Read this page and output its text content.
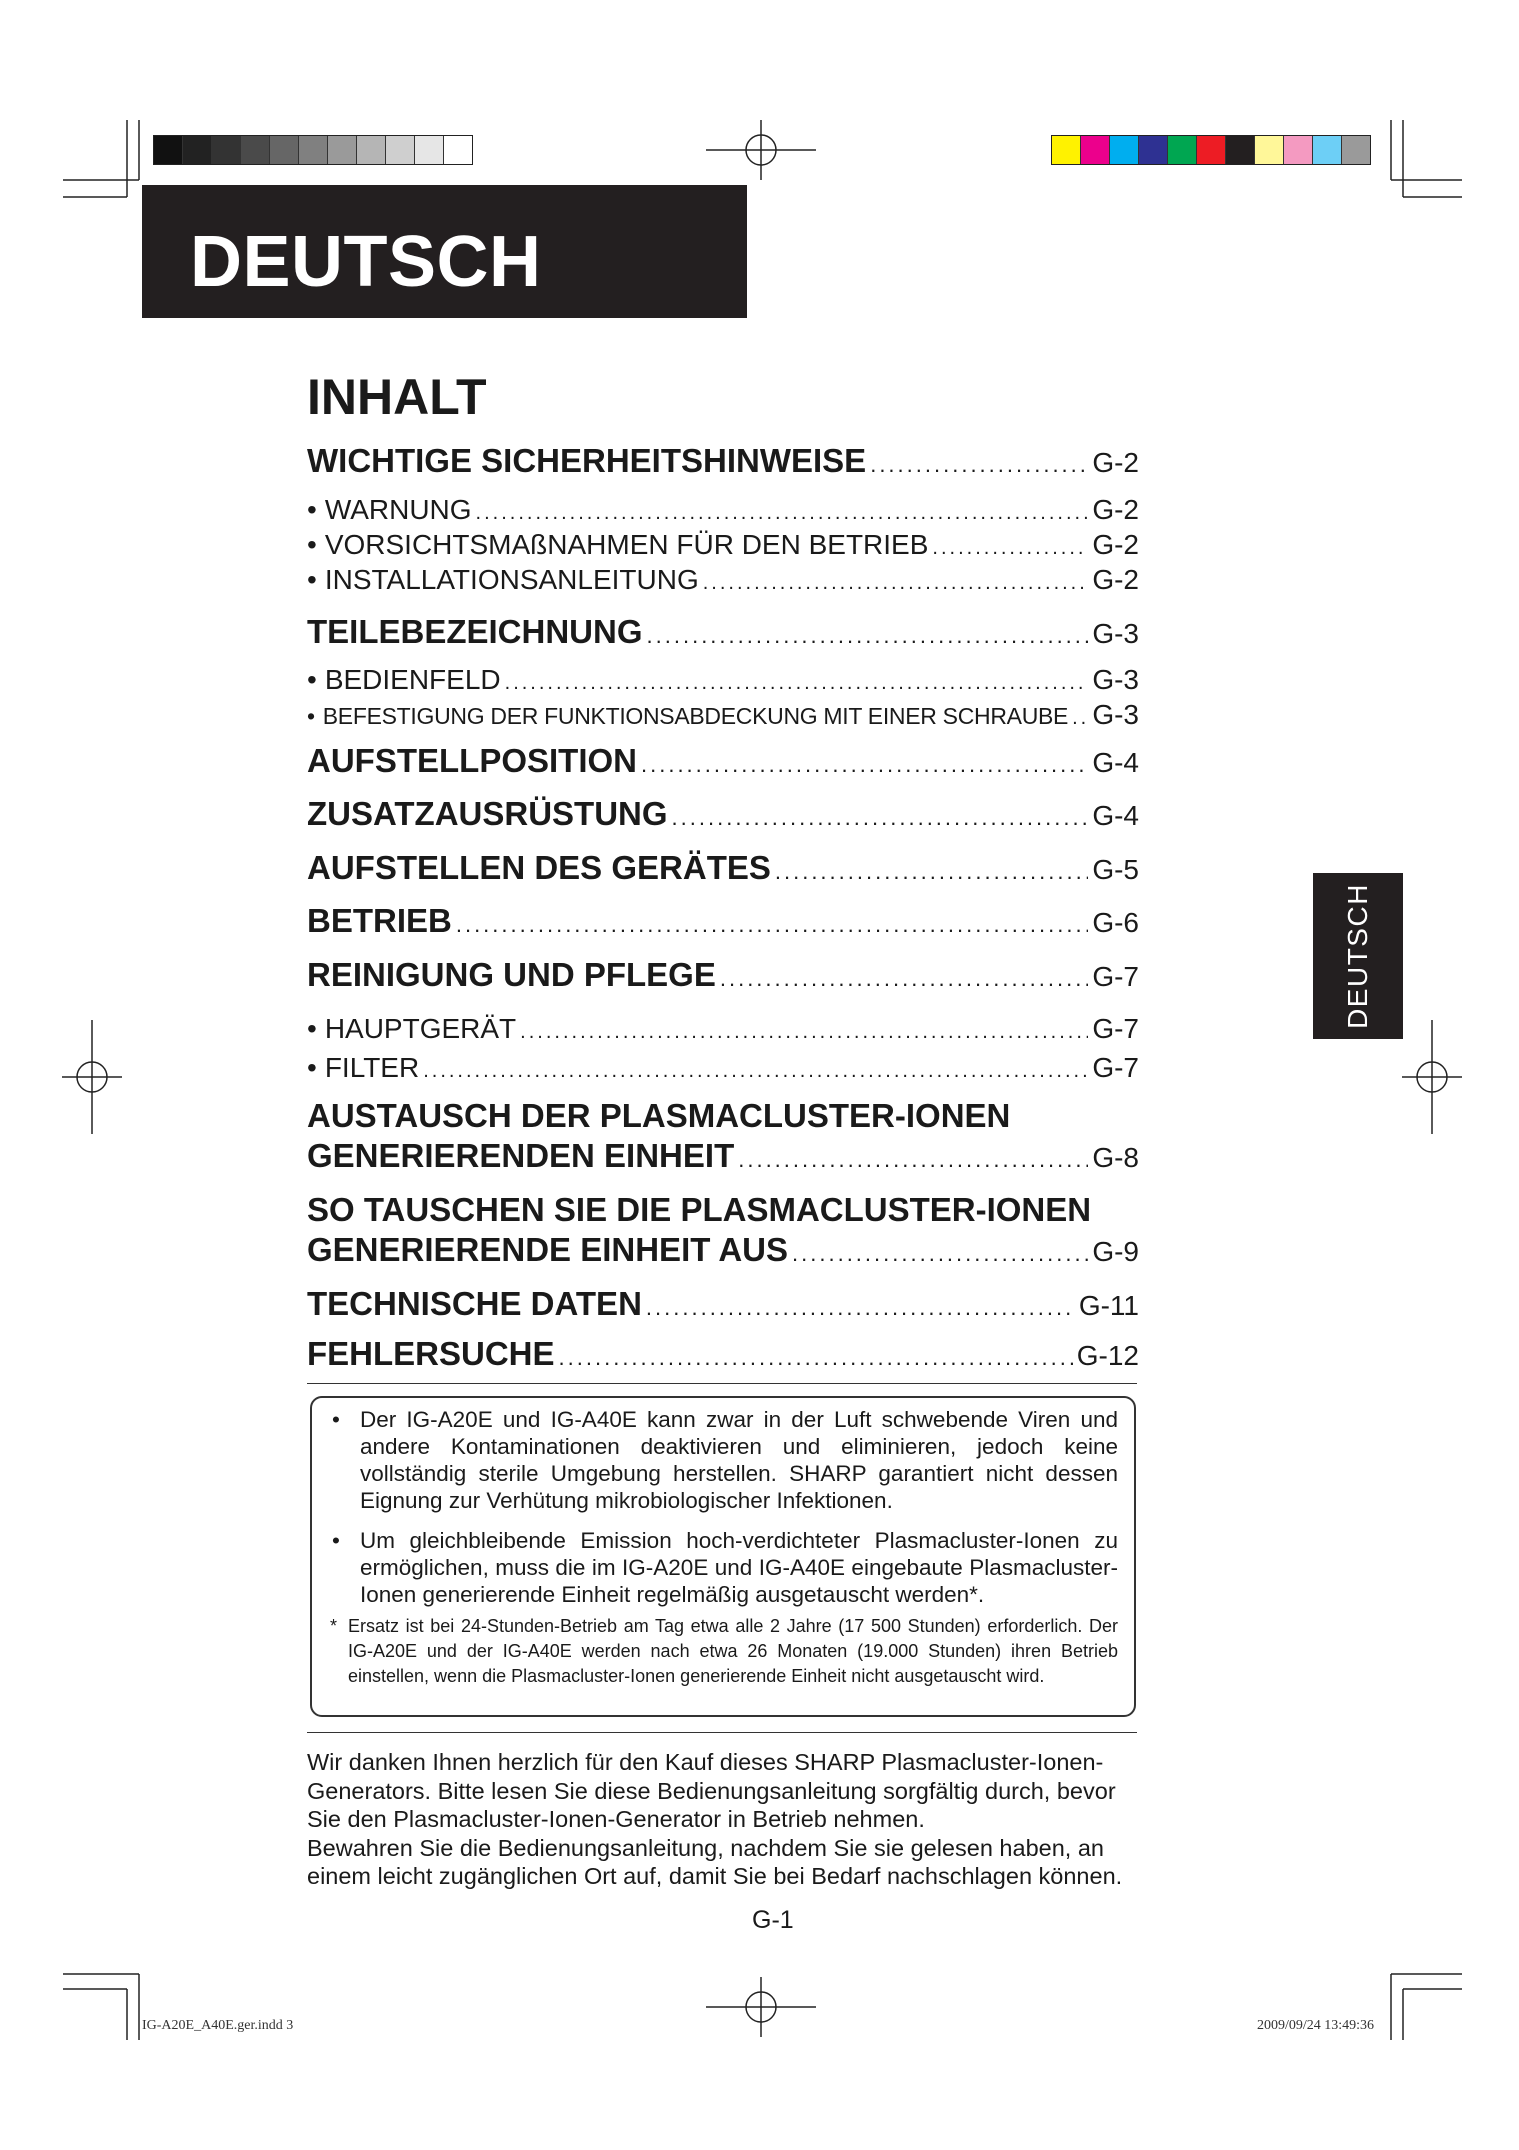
DEUTSCH
DEUTSCH
INHALT
WICHTIGE SICHERHEITSHINWEISE .....	G-2
• WARNUNG .....	G-2
• VORSICHTSMAßNAHMEN FÜR DEN BETRIEB .....	G-2
• INSTALLATIONSANLEITUNG .....	G-2
TEILEBEZEICHNUNG .....	G-3
• BEDIENFELD .....	G-3
• BEFESTIGUNG DER FUNKTIONSABDECKUNG MIT EINER SCHRAUBE ..... G-3
AUFSTELLPOSITION .....	G-4
ZUSATZAUSRÜSTUNG .....	G-4
AUFSTELLEN DES GERÄTES .....	G-5
BETRIEB .....	G-6
REINIGUNG UND PFLEGE .....	G-7
• HAUPTGERÄT .....	G-7
• FILTER .....	G-7
AUSTAUSCH DER PLASMACLUSTER-IONEN
GENERIERENDEN EINHEIT .....	G-8
SO TAUSCHEN SIE DIE PLASMACLUSTER-IONEN
GENERIERENDE EINHEIT AUS .....	G-9
TECHNISCHE DATEN .....	G-11
FEHLERSUCHE .....	G-12
• Der IG-A20E und IG-A40E kann zwar in der Luft schwebende Viren und andere Kontaminationen deaktivieren und eliminieren, jedoch keine vollständig sterile Umgebung herstellen. SHARP garantiert nicht dessen Eignung zur Verhütung mikrobiologischer Infektionen.
• Um gleichbleibende Emission hoch-verdichteter Plasmacluster-Ionen zu ermöglichen, muss die im IG-A20E und IG-A40E eingebaute Plasmacluster-Ionen generierende Einheit regelmäßig ausgetauscht werden*.
* Ersatz ist bei 24-Stunden-Betrieb am Tag etwa alle 2 Jahre (17 500 Stunden) erforderlich. Der IG-A20E und der IG-A40E werden nach etwa 26 Monaten (19.000 Stunden) ihren Betrieb einstellen, wenn die Plasmacluster-Ionen generierende Einheit nicht ausgetauscht wird.

Wir danken Ihnen herzlich für den Kauf dieses SHARP Plasmacluster-Ionen-Generators. Bitte lesen Sie diese Bedienungsanleitung sorgfältig durch, bevor Sie den Plasmacluster-Ionen-Generator in Betrieb nehmen.

Bewahren Sie die Bedienungsanleitung, nachdem Sie sie gelesen haben, an einem leicht zugänglichen Ort auf, damit Sie bei Bedarf nachschlagen können.

G-1
IG-A20E_A40E.ger.indd 3	2009/09/24 13:49:36
